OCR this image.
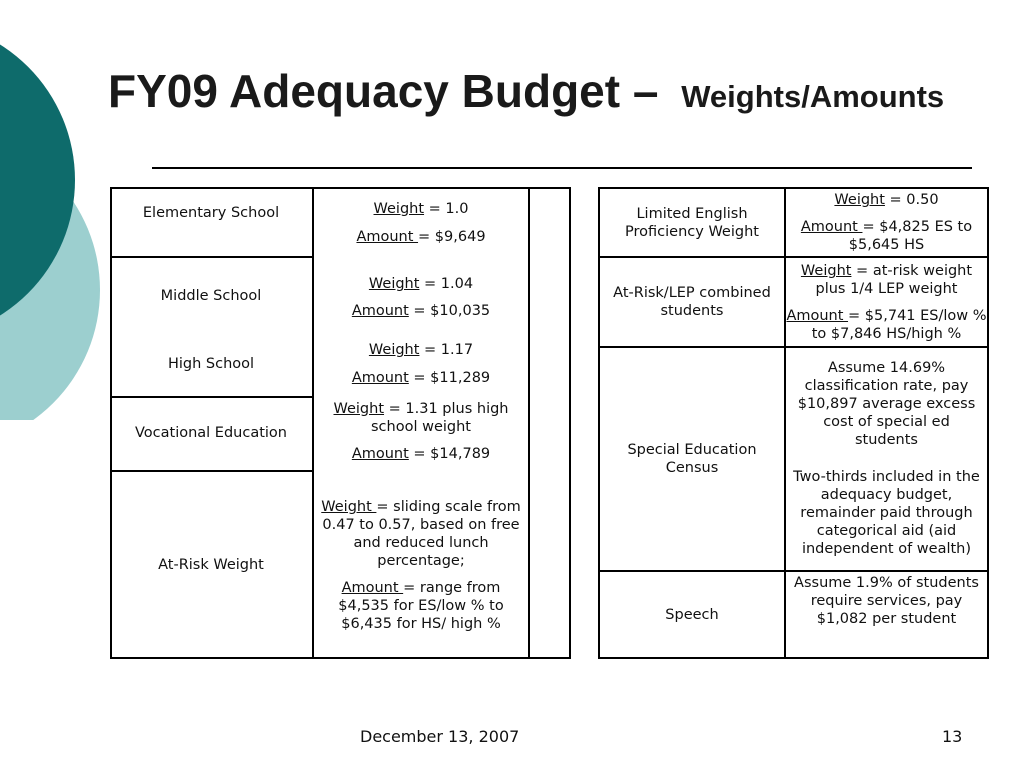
FY09 Adequacy Budget – Weights/Amounts
Elementary School
Middle School
High School
Vocational Education
At-Risk Weight
Weight = 1.0
Amount = $9,649
Weight = 1.04
Amount = $10,035
Weight = 1.17
Amount = $11,289
Weight = 1.31 plus high school weight
Amount = $14,789
Weight = sliding scale from 0.47 to 0.57, based on free and reduced lunch percentage;
Amount = range from $4,535 for ES/low % to $6,435 for HS/ high %
Limited English Proficiency Weight
At-Risk/LEP combined students
Special Education Census
Speech
Weight = 0.50
Amount = $4,825 ES to $5,645 HS
Weight = at-risk weight plus 1/4 LEP weight
Amount = $5,741 ES/low % to $7,846 HS/high %
Assume 14.69% classification rate, pay $10,897 average excess cost of special ed students
Two-thirds included in the adequacy budget, remainder paid through categorical aid (aid independent of wealth)
Assume 1.9% of students require services, pay $1,082 per student
December 13, 2007	13
